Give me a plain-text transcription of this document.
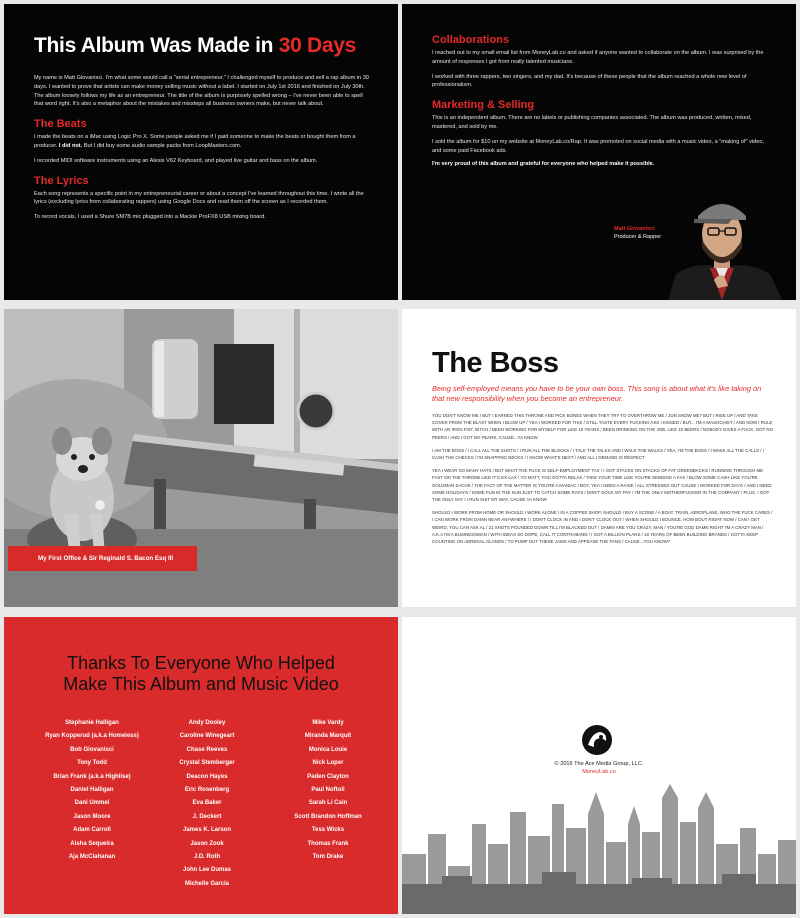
This Album Was Made in 30 Days

My name is Matt Giovanisci. I'm what some would call a "serial entrepreneur." I challenged myself to produce and sell a rap album in 30 days. I wanted to prove that artists can make money selling music without a label. I started on July 1st 2016 and finished on July 30th. The album loosely follows my life as an entrepreneur. The title of the album is purposely spelled wrong – I've never been able to spell that word right. It's also a metaphor about the mistakes and missteps all business owners make, but never talk about.

The Beats

I made the beats on a iMac using Logic Pro X. Some people asked me if I paid someone to make the beats or bought them from a producer. I did not. But I did buy some audio sample packs from LoopMasters.com.

I recorded MIDI software instruments using an Alesis V62 Keyboard, and played live guitar and bass on the album.

The Lyrics

Each song represents a specific point in my entrepreneurial career or about a concept I've learned throughout this time. I wrote all the lyrics (excluding lyrics from collaborating rappers) using Google Docs and read them off the screen as I recorded them.

To record vocals, I used a Shure SM7B mic plugged into a Mackie ProFX8 USB mixing board.

Collaborations

I reached out to my small email list from MoneyLab.co and asked if anyone wanted to collaborate on the album. I was surprised by the amount of responses I got from really talented musicians.

I worked with three rappers, two singers, and my dad. It's because of these people that the album reached a whole new level of professionalism.

Marketing & Selling

This is an independent album. There are no labels or publishing companies associated. The album was produced, written, mixed, mastered, and sold by me.

I sold the album for $10 on my website at MoneyLab.co/Rap. It was promoted on social media with a music video, a "making of" video, and some paid Facebook ads.

I'm very proud of this album and grateful for everyone who helped make it possible.
Matt Giovanisci
Producer & Rapper
My First Office & Sir Reginald S. Bacon Esq III
The Boss

Being self-employed means you have to be your own boss. This song is about what it's like taking on that new responsibility when you become an entrepreneur.

YOU DON'T KNOW ME / BUT I EARNED THIS THRONE AND PICK BONES WHEN THEY TRY TO OVERTHROW ME / JON SNOW ME? BUT I RISE UP / AND TAKE COVER FROM THE BLAST WHEN I BLOW UP / YEA I WORKED FOR THIS / STILL TASTE EVERY FUCKING ASS I KISSED / BUT... I'M A MASOCHIST / AND NOW I RULE WITH AN IRON FIST, BITCH / BEEN WORKING FOR MYSELF FOR LIKE 10 YEARS / BEEN DRINKING ON THE JOB, LIKE 10 BEERS / NOBODY GIVES A FUCK, GOT NO PEERS / AND I GOT NO FEARS, CAUSE...YA KNOW

I AM THE BOSS / I CALL ALL THE SHOTS / I RUN ALL THE BLOCKS / I TALK THE TALKS AND I WALK THE WALKS / YEA, I'M THE BOSS / I MAKE ALL THE CALLS / I CASH THE CHECKS / I'M SNAPPING NECKS / I KNOW WHAT'S NEXT / AND ALL I DEMAND IS RESPECT

YEA I WEAR SO MANY HATS / BUT WHAT THE FUCK IS SELF-EMPLOYMENT TAX / I GOT STACKS ON STACKS OF FAT GREENBACKS / RUNNING THROUGH ME FAST ON THE THRONE LIKE IT'S EX-LAX / YO MATT, YOU GOTTA RELAX / TAKE YOUR TIME LIKE YOU'RE SENDING A FAX / BLOW SOME CASH LIKE YOU'RE GOLDMAN SACHS / THE FACT OF THE MATTER IS YOU'RE A MANIAC / BOY, YEA I NEED A RAISE / ALL STRESSED OUT CAUSE I WORKED FOR DAYS / AND I NEED SOME HOLIDAYS / SOME FUN IN THE SUN JUST TO CATCH SOME RAYS / DON'T DOCK MY PAY / I'M THE ONLY MOTHERFUCKER IN THE COMPANY / PLUS, I GOT THE ONLY SAY / I RUN SHIT MY WAY, CAUSE YA KNOW

SHOULD I WORK FROM HOME OR SHOULD I WORK ALONE / IN A COFFEE SHOP, SHOULD I BUY A SCONE / A BOAT, TRAIN, AEROPLANE, WHO THE FUCK CARES / I CAN WORK FROM DAMN NEAR ANYWHERE / I DON'T CLOCK IN AND I DON'T CLOCK OUT / WHEN SHOULD I BOUNCE, HOW BOUT RIGHT NOW / CAN I GET WEIRD, YOU CAN ASK AL / 21 SHOTS POUNDED DOWN TILL I'M BLACKED OUT / DAMN! ARE YOU CRAZY, MAN / YOU'RE GOD DAMN RIGHT I'M A CRAZY MAN / A.K.A I'M A BUSINESSMAN / WITH IDEAS SO DOPE, CALL IT CONTRABAND / I GOT A BILLION PLANS / 18 YEARS OF BEEN BUILDING BRANDS / GOTTA KEEP COUNTING ON ADRENAL GLANDS / TO PUMP OUT THESE JAMS AND APPEASE THE FANS / CAUSE...YOU KNOW?

Thanks To Everyone Who Helped
Make This Album and Music Video
Stephanie Halligan
Ryan Kopperud (a.k.a Homeless)
Bob Giovanisci
Tony Todd
Brian Frank (a.k.a Highlise)
Daniel Halligan
Dani Ummel
Jason Moore
Adam Carroll
Aisha Sequeira
Aja McClahanan
Andy Dooley
Caroline Winegeart
Chase Reeves
Crystal Stemberger
Deacon Hayes
Eric Rosenberg
Eva Baker
J. Deckert
James K. Larson
Jason Zook
J.D. Roth
John Lee Dumas
Michelle Garcia
Mike Vardy
Miranda Marquit
Monica Louie
Nick Loper
Paden Clayton
Paul Noftoli
Sarah Li Cain
Scott Brandon Hoffman
Tess Wicks
Thomas Frank
Tom Drake
© 2016 The Ace Media Group, LLC.
MoneyLab.co
